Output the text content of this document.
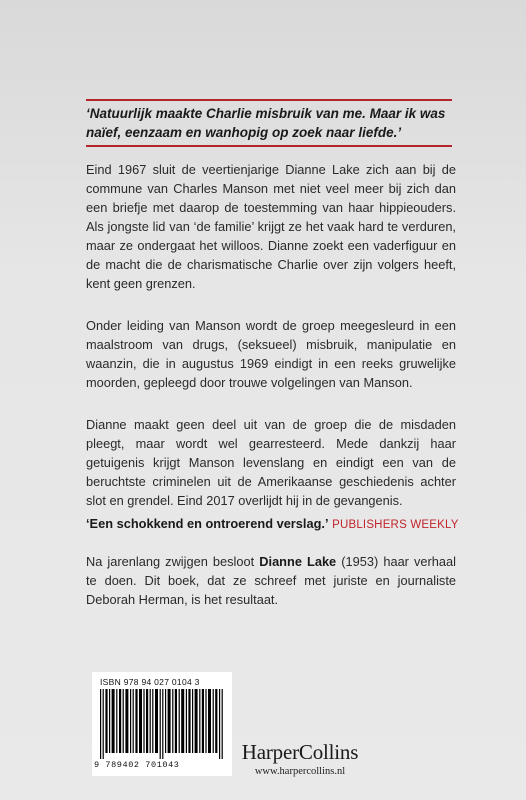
‘Natuurlijk maakte Charlie misbruik van me. Maar ik was naïef, eenzaam en wanhopig op zoek naar liefde.’
Eind 1967 sluit de veertienjarige Dianne Lake zich aan bij de commune van Charles Manson met niet veel meer bij zich dan een briefje met daarop de toestemming van haar hippieouders. Als jongste lid van ‘de familie’ krijgt ze het vaak hard te verduren, maar ze ondergaat het willoos. Dianne zoekt een vaderfiguur en de macht die de charismatische Charlie over zijn volgers heeft, kent geen grenzen.
Onder leiding van Manson wordt de groep meegesleurd in een maalstroom van drugs, (seksueel) misbruik, manipulatie en waanzin, die in augustus 1969 eindigt in een reeks gruwelijke moorden, gepleegd door trouwe volgelingen van Manson.
Dianne maakt geen deel uit van de groep die de misdaden pleegt, maar wordt wel gearresteerd. Mede dankzij haar getuigenis krijgt Manson levenslang en eindigt een van de beruchtste criminelen uit de Amerikaanse geschiedenis achter slot en grendel. Eind 2017 overlijdt hij in de gevangenis.
‘Een schokkend en ontroerend verslag.’ PUBLISHERS WEEKLY
Na jarenlang zwijgen besloot Dianne Lake (1953) haar verhaal te doen. Dit boek, dat ze schreef met juriste en journaliste Deborah Herman, is het resultaat.
ISBN 978 94 027 0104 3
9 789402 701043
HarperCollins
www.harpercollins.nl
